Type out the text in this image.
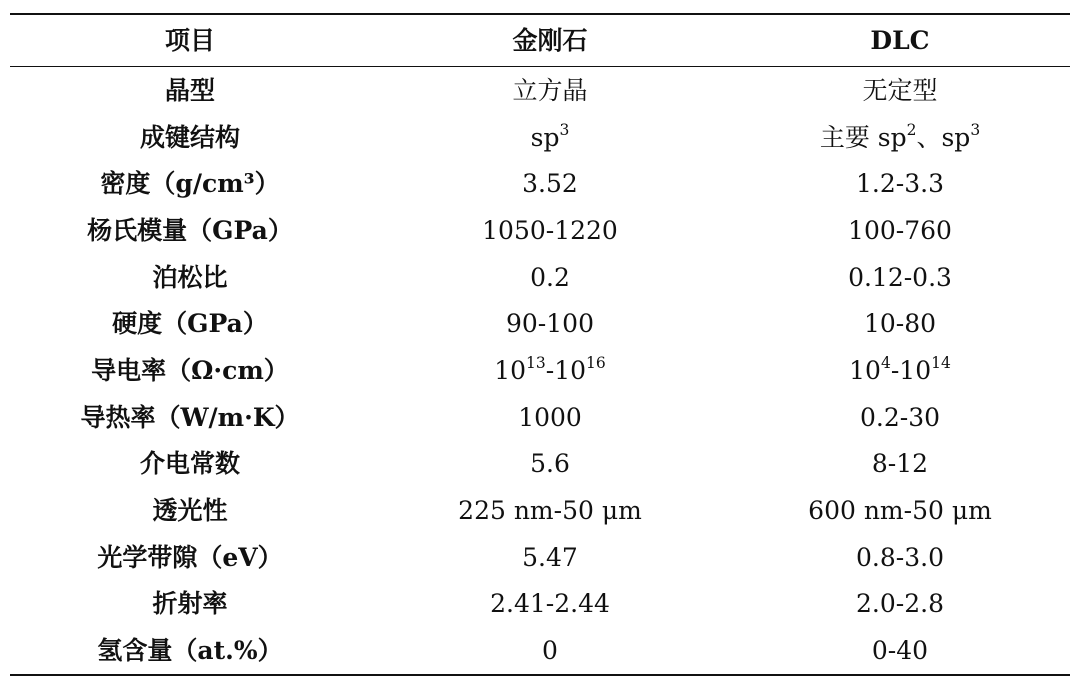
项目	金刚石	DLC
晶型	立方晶	无定型
成键结构	$sp^3$	主要 $sp^2$、$sp^3$
密度（g/cm³）	3.52	1.2-3.3
杨氏模量（GPa）	1050-1220	100-760
泊松比	0.2	0.12-0.3
硬度（GPa）	90-100	10-80
导电率（Ω·cm）	$10^{13}-10^{16}$	$10^4-10^{14}$
导热率（W/m·K）	1000	0.2-30
介电常数	5.6	8-12
透光性	225 nm-50 μm	600 nm-50 μm
光学带隙（eV）	5.47	0.8-3.0
折射率	2.41-2.44	2.0-2.8
氢含量（at.%）	0	0-40
